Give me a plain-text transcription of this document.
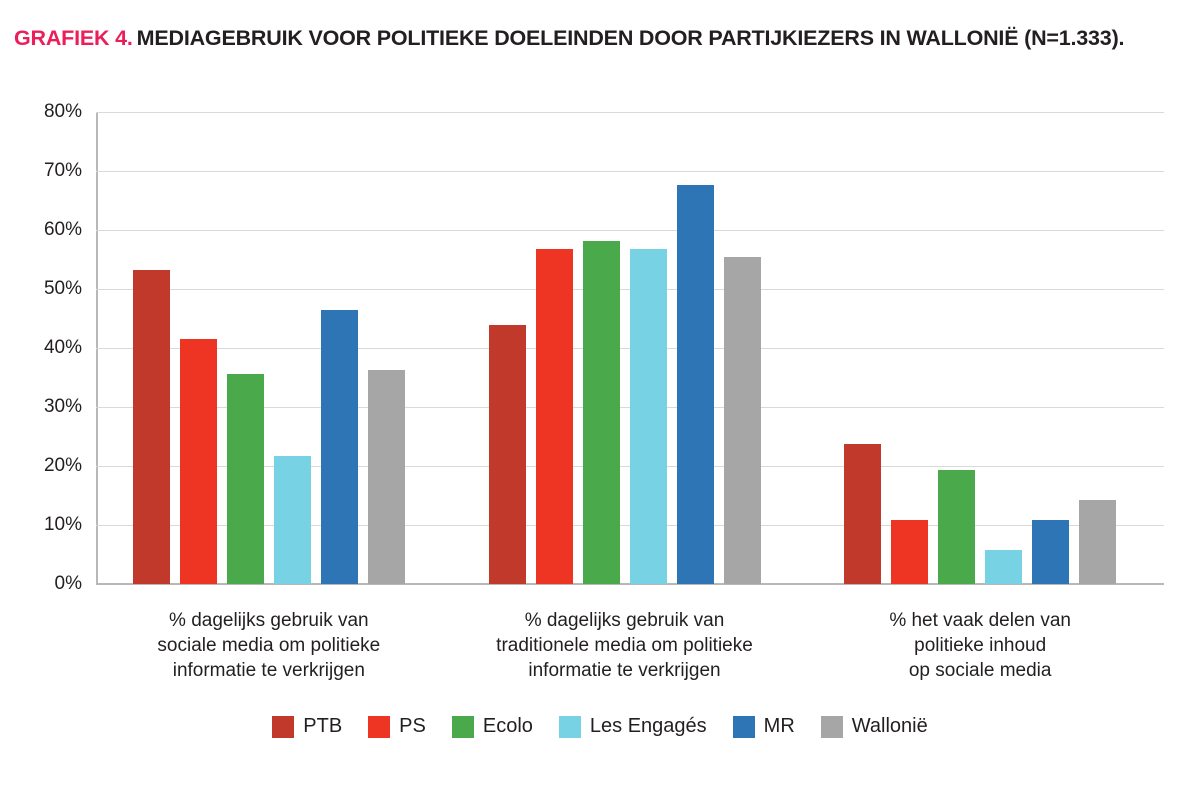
GRAFIEK 4. MEDIAGEBRUIK VOOR POLITIEKE DOELEINDEN DOOR PARTIJKIEZERS IN WALLONIË (N=1.333).
0%
10%
20%
30%
40%
50%
60%
70%
80%
% dagelijks gebruik van
sociale media om politieke
informatie te verkrijgen
% dagelijks gebruik van
traditionele media om politieke
informatie te verkrijgen
% het vaak delen van
politieke inhoud
op sociale media
PTB	PS	Ecolo	Les Engagés	MR	Wallonië
